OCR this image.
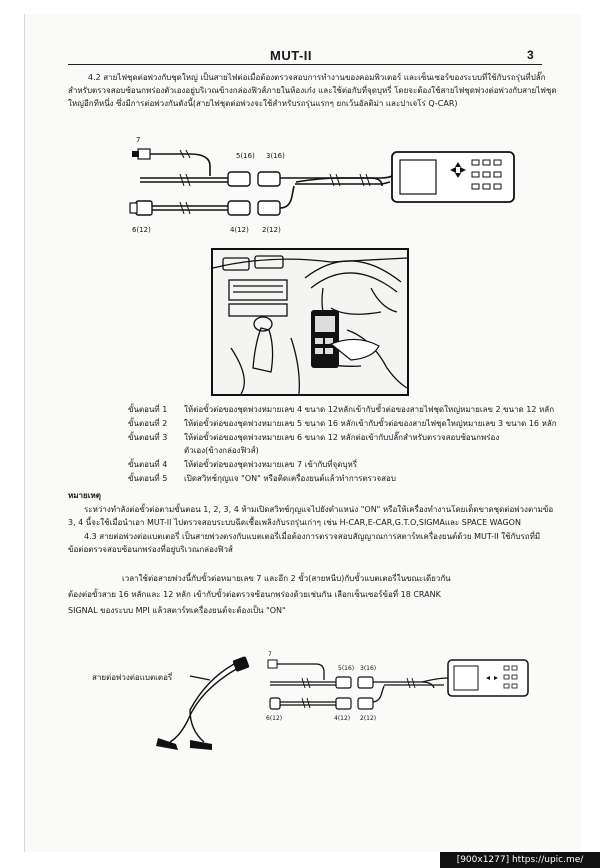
MUT-II	3
4.2 สายไฟชุดต่อพ่วงกับชุดใหญ่ เป็นสายไฟต่อเมื่อต้องตรวจสอบการทำงานของคอมพิวเตอร์ และเซ็นเซอร์ของระบบที่ใช้กับรถรุ่นที่ปลั๊ก
สำหรับตรวจสอบซ้อนกพร่องตัวเองอยู่บริเวณข้างกล่องฟิวส์ภายในห้องเก๋ง และใช้ต่อกับที่จุดบุหรี่ โดยจะต้องใช้สายไฟชุดพ่วงต่อพ่วงกับสายไฟชุด
ใหญ่อีกทีหนึ่ง ซึ่งมีการต่อพ่วงกันดังนี้(สายไฟชุดต่อพ่วงจะใช้สำหรับรถรุ่นแรกๆ ยกเว้นอัลติม่า และปาเจโร่ Q-CAR)
7
5(16) 3(16)
6(12)	4(12) 2(12)
ขั้นตอนที่ 1 ให้ต่อขั้วต่อของชุดพ่วงหมายเลข 4 ขนาด 12หลักเข้ากับขั้วต่อของสายไฟชุดใหญ่หมายเลข 2 ขนาด 12 หลัก
ขั้นตอนที่ 2 ให้ต่อขั้วต่อของชุดพ่วงหมายเลข 5 ขนาด 16 หลักเข้ากับขั้วต่อของสายไฟชุดใหญ่หมายเลข 3 ขนาด 16 หลัก
ขั้นตอนที่ 3 ให้ต่อขั้วต่อของชุดพ่วงหมายเลข 6 ขนาด 12 หลักต่อเข้ากับปลั๊กสำหรับตรวจสอบซ้อนกพร่อง
ตัวเอง(ข้างกล่องฟิวส์)
ขั้นตอนที่ 4 ให้ต่อขั้วต่อของชุดพ่วงหมายเลข 7 เข้ากับที่จุดบุหรี่
ขั้นตอนที่ 5 เปิดสวิทช์กุญแจ "ON" หรือติดเครื่องยนต์แล้วทำการตรวจสอบ
หมายเหตุ
ระหว่างทำลังต่อขั้วต่อตามขั้นตอน 1, 2, 3, 4 ห้ามเปิดสวิทช์กุญแจไปยังตำแหน่ง "ON" หรือให้เครื่องทำงานโดยเด็ดขาดชุดต่อพ่วงตามข้อ
3, 4 นี้จะใช้เมื่อนำเอา MUT-II ไปตรวจสอบระบบฉีดเชื้อเพลิงกับรถรุ่นเก่าๆ เช่น H-CAR,E-CAR,G.T.O,SIGMAและ SPACE WAGON
4.3 สายต่อพ่วงต่อแบตเตอรี่ เป็นสายพ่วงตรงกับแบตเตอรี่เมื่อต้องการตรวจสอบสัญญาณการสตาร์ทเครื่องยนต์ด้วย MUT-II ใช้กับรถที่มี
ข้อต่อตรวจสอบซ้อนกพร่องที่อยู่บริเวณกล่องฟิวส์
เวลาใช้ต่อสายพ่วงนี้กับขั้วต่อหมายเลข 7 และอีก 2 ขั้ว(สายหนีบ)กับขั้วแบตเตอรี่ในขณะเดียวกัน
ต้องต่อขั้วสาย 16 หลักและ 12 หลัก เข้ากับขั้วต่อตรวจซ้อนกพร่องด้วยเช่นกัน เลือกเซ็นเซอร์ข้อที่ 18 CRANK
SIGNAL ของระบบ MPI แล้วสตาร์ทเครื่องยนต์จะต้องเป็น "ON"
สายต่อพ่วงต่อแบตเตอรี่
7
5(16) 3(16)
6(12)	4(12) 2(12)
[900x1277] https://upic.me/
